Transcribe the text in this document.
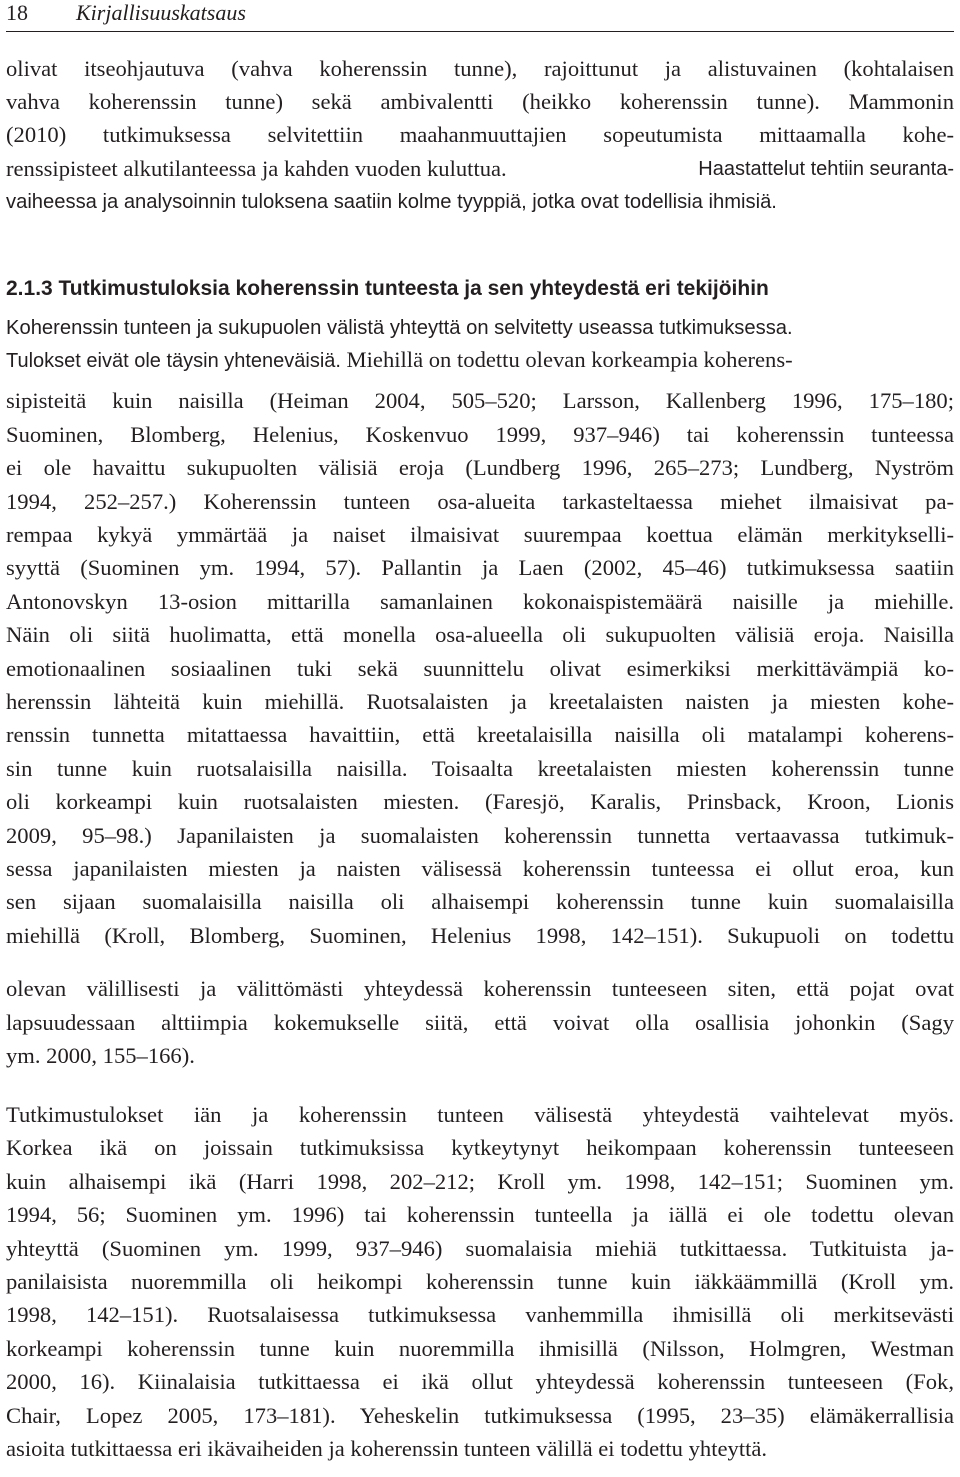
18 Kirjallisuuskatsaus
olivat itseohjautuva (vahva koherenssin tunne), rajoittunut ja alistuvainen (kohtalaisen
vahva koherenssin tunne) sekä ambivalentti (heikko koherenssin tunne). Mammonin
(2010) tutkimuksessa selvitettiin maahanmuuttajien sopeutumista mittaamalla kohe-
renssipisteet alkutilanteessa ja kahden vuoden kuluttua.	Haastattelut tehtiin seuranta-
vaiheessa ja analysoinnin tuloksena saatiin kolme tyyppiä, jotka ovat todellisia ihmisiä.
2.1.3 Tutkimustuloksia koherenssin tunteesta ja sen yhteydestä eri tekijöihin
Koherenssin tunteen ja sukupuolen välistä yhteyttä on selvitetty useassa tutkimuksessa.
Tulokset eivät ole täysin yhteneväisiä. Miehillä on todettu olevan korkeampia koherens-
sipisteitä kuin naisilla (Heiman 2004, 505–520; Larsson, Kallenberg 1996, 175–180;
Suominen, Blomberg, Helenius, Koskenvuo 1999, 937–946) tai koherenssin tunteessa
ei ole havaittu sukupuolten välisiä eroja (Lundberg 1996, 265–273; Lundberg, Nyström
1994, 252–257.) Koherenssin tunteen osa-alueita tarkasteltaessa miehet ilmaisivat pa-
rempaa kykyä ymmärtää ja naiset ilmaisivat suurempaa koettua elämän merkitykselli-
syyttä (Suominen ym. 1994, 57). Pallantin ja Laen (2002, 45–46) tutkimuksessa saatiin
Antonovskyn 13-osion mittarilla samanlainen kokonaispistemäärä naisille ja miehille.
Näin oli siitä huolimatta, että monella osa-alueella oli sukupuolten välisiä eroja. Naisilla
emotionaalinen sosiaalinen tuki sekä suunnittelu olivat esimerkiksi merkittävämpiä ko-
herenssin lähteitä kuin miehillä. Ruotsalaisten ja kreetalaisten naisten ja miesten kohe-
renssin tunnetta mitattaessa havaittiin, että kreetalaisilla naisilla oli matalampi koherens-
sin tunne kuin ruotsalaisilla naisilla. Toisaalta kreetalaisten miesten koherenssin tunne
oli korkeampi kuin ruotsalaisten miesten. (Faresjö, Karalis, Prinsback, Kroon, Lionis
2009, 95–98.) Japanilaisten ja suomalaisten koherenssin tunnetta vertaavassa tutkimuk-
sessa japanilaisten miesten ja naisten välisessä koherenssin tunteessa ei ollut eroa, kun
sen sijaan suomalaisilla naisilla oli alhaisempi koherenssin tunne kuin suomalaisilla
miehillä (Kroll, Blomberg, Suominen, Helenius 1998, 142–151). Sukupuoli on todettu
olevan välillisesti ja välittömästi yhteydessä koherenssin tunteeseen siten, että pojat ovat
lapsuudessaan alttiimpia kokemukselle siitä, että voivat olla osallisia johonkin (Sagy
ym. 2000, 155–166).
Tutkimustulokset iän ja koherenssin tunteen välisestä yhteydestä vaihtelevat myös.
Korkea ikä on joissain tutkimuksissa kytkeytynyt heikompaan koherenssin tunteeseen
kuin alhaisempi ikä (Harri 1998, 202–212; Kroll ym. 1998, 142–151; Suominen ym.
1994, 56; Suominen ym. 1996) tai koherenssin tunteella ja iällä ei ole todettu olevan
yhteyttä (Suominen ym. 1999, 937–946) suomalaisia miehiä tutkittaessa. Tutkituista ja-
panilaisista nuoremmilla oli heikompi koherenssin tunne kuin iäkkäämmillä (Kroll ym.
1998, 142–151). Ruotsalaisessa tutkimuksessa vanhemmilla ihmisillä oli merkitsevästi
korkeampi koherenssin tunne kuin nuoremmilla ihmisillä (Nilsson, Holmgren, Westman
2000, 16). Kiinalaisia tutkittaessa ei ikä ollut yhteydessä koherenssin tunteeseen (Fok,
Chair, Lopez 2005, 173–181). Yeheskelin tutkimuksessa (1995, 23–35) elämäkerrallisia
asioita tutkittaessa eri ikävaiheiden ja koherenssin tunteen välillä ei todettu yhteyttä.
